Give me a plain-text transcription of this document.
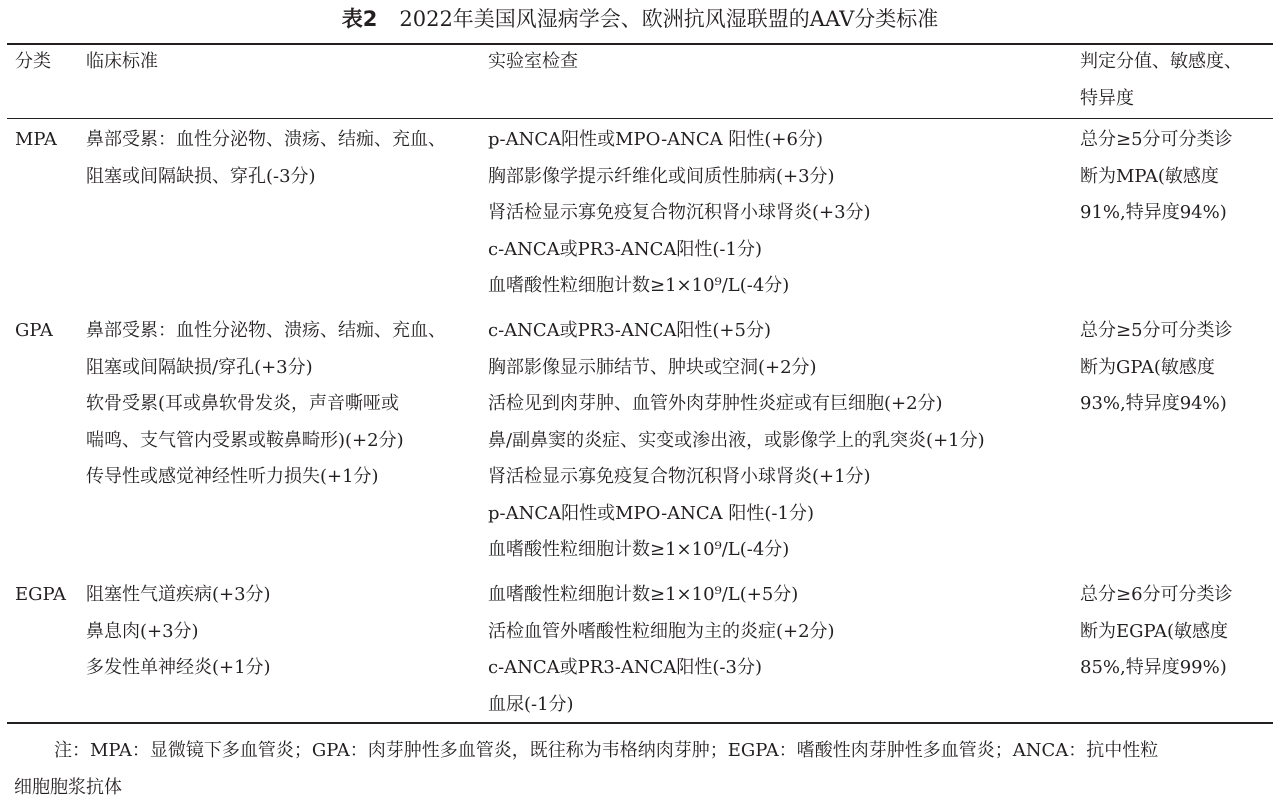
表2 2022年美国风湿病学会、欧洲抗风湿联盟的AAV分类标准
分类 临床标准	实验室检查	判定分值、敏感度、
特异度
MPA 鼻部受累：血性分泌物、溃疡、结痂、充血、
阻塞或间隔缺损、穿孔(-3分)
p-ANCA阳性或MPO-ANCA 阳性(+6分)
胸部影像学提示纤维化或间质性肺病(+3分)
肾活检显示寡免疫复合物沉积肾小球肾炎(+3分)
c-ANCA或PR3-ANCA阳性(-1分)
血嗜酸性粒细胞计数≥1×10⁹/L(-4分)
总分≥5分可分类诊
断为MPA(敏感度
91%,特异度94%)
GPA 鼻部受累：血性分泌物、溃疡、结痂、充血、
阻塞或间隔缺损/穿孔(+3分)
软骨受累(耳或鼻软骨发炎，声音嘶哑或
喘鸣、支气管内受累或鞍鼻畸形)(+2分)
传导性或感觉神经性听力损失(+1分)
c-ANCA或PR3-ANCA阳性(+5分)
胸部影像显示肺结节、肿块或空洞(+2分)
活检见到肉芽肿、血管外肉芽肿性炎症或有巨细胞(+2分)
鼻/副鼻窦的炎症、实变或渗出液，或影像学上的乳突炎(+1分)
肾活检显示寡免疫复合物沉积肾小球肾炎(+1分)
p-ANCA阳性或MPO-ANCA 阳性(-1分)
血嗜酸性粒细胞计数≥1×10⁹/L(-4分)
总分≥5分可分类诊
断为GPA(敏感度
93%,特异度94%)
EGPA 阻塞性气道疾病(+3分)
鼻息肉(+3分)
多发性单神经炎(+1分)
血嗜酸性粒细胞计数≥1×10⁹/L(+5分)
活检血管外嗜酸性粒细胞为主的炎症(+2分)
c-ANCA或PR3-ANCA阳性(-3分)
血尿(-1分)
总分≥6分可分类诊
断为EGPA(敏感度
85%,特异度99%)
注：MPA：显微镜下多血管炎；GPA：肉芽肿性多血管炎，既往称为韦格纳肉芽肿；EGPA：嗜酸性肉芽肿性多血管炎；ANCA：抗中性粒
细胞胞浆抗体
